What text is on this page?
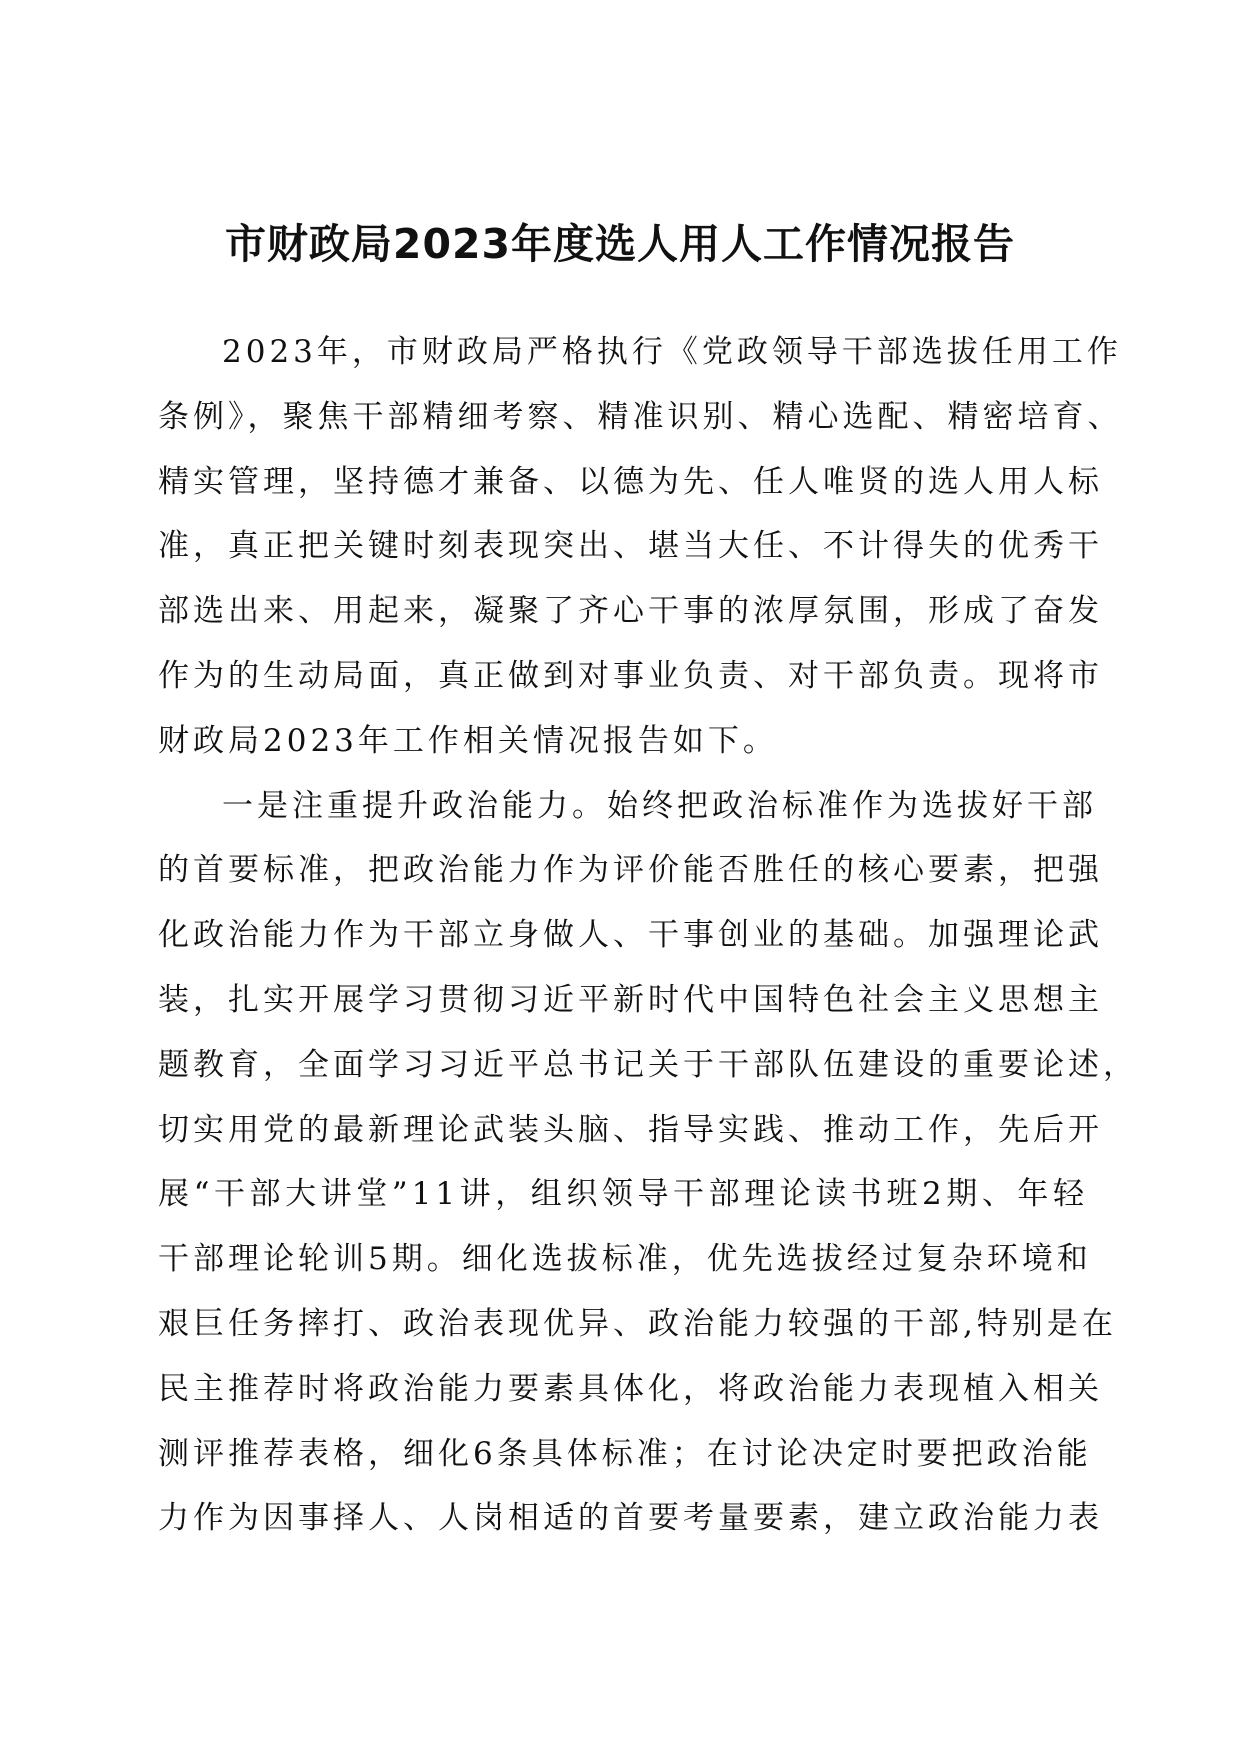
市财政局2023年度选人用人工作情况报告
2023年，市财政局严格执行《党政领导干部选拔任用工作
条例》，聚焦干部精细考察、精准识别、精心选配、精密培育、
精实管理，坚持德才兼备、以德为先、任人唯贤的选人用人标
准，真正把关键时刻表现突出、堪当大任、不计得失的优秀干
部选出来、用起来，凝聚了齐心干事的浓厚氛围，形成了奋发
作为的生动局面，真正做到对事业负责、对干部负责。现将市
财政局2023年工作相关情况报告如下。
一是注重提升政治能力。始终把政治标准作为选拔好干部
的首要标准，把政治能力作为评价能否胜任的核心要素，把强
化政治能力作为干部立身做人、干事创业的基础。加强理论武
装，扎实开展学习贯彻习近平新时代中国特色社会主义思想主
题教育，全面学习习近平总书记关于干部队伍建设的重要论述，
切实用党的最新理论武装头脑、指导实践、推动工作，先后开
展“干部大讲堂”11讲，组织领导干部理论读书班2期、年轻
干部理论轮训5期。细化选拔标准，优先选拔经过复杂环境和
艰巨任务摔打、政治表现优异、政治能力较强的干部,特别是在
民主推荐时将政治能力要素具体化，将政治能力表现植入相关
测评推荐表格，细化6条具体标准；在讨论决定时要把政治能
力作为因事择人、人岗相适的首要考量要素，建立政治能力表
